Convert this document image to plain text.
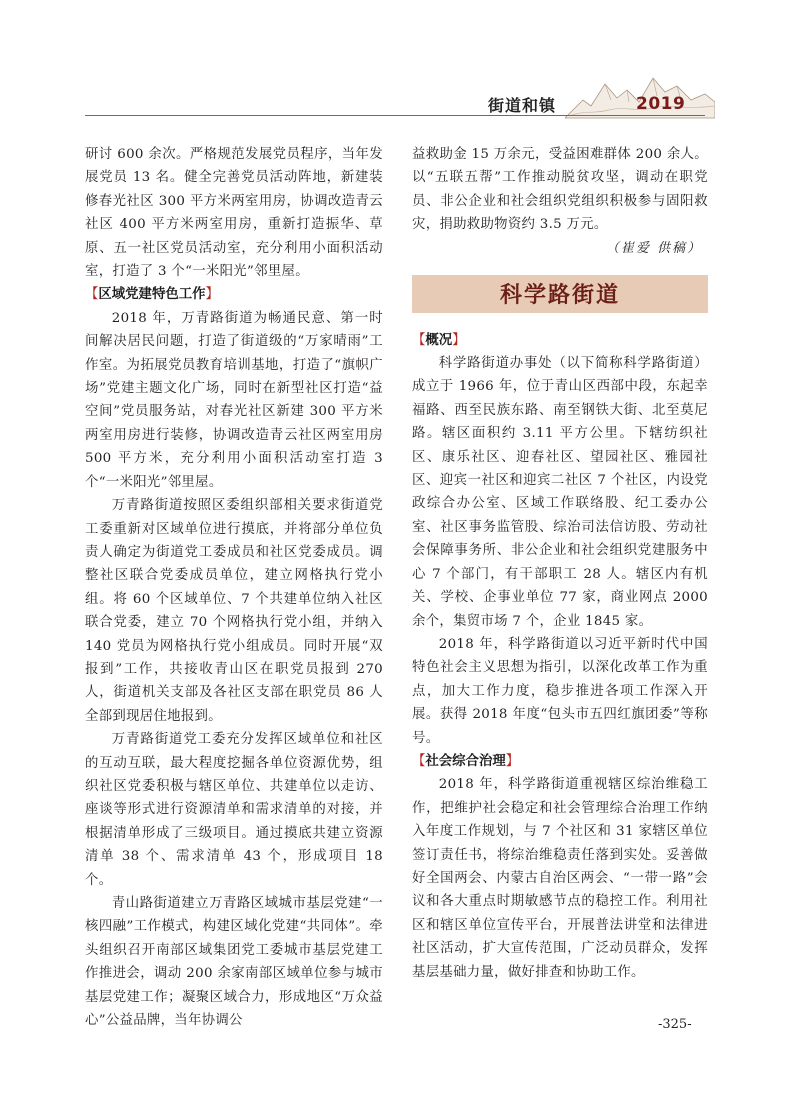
街道和镇	2019

研讨 600 余次。严格规范发展党员程序，当年发展党员 13 名。健全完善党员活动阵地，新建装修春光社区 300 平方米两室用房，协调改造青云社区 400 平方米两室用房，重新打造振华、草原、五一社区党员活动室，充分利用小面积活动室，打造了 3 个“一米阳光”邻里屋。

【区域党建特色工作】

2018 年，万青路街道为畅通民意、第一时间解决居民问题，打造了街道级的“万家晴雨”工作室。为拓展党员教育培训基地，打造了“旗帜广场”党建主题文化广场，同时在新型社区打造“益空间”党员服务站，对春光社区新建 300 平方米两室用房进行装修，协调改造青云社区两室用房 500 平方米，充分利用小面积活动室打造 3 个“一米阳光”邻里屋。

万青路街道按照区委组织部相关要求街道党工委重新对区域单位进行摸底，并将部分单位负责人确定为街道党工委成员和社区党委成员。调整社区联合党委成员单位，建立网格执行党小组。将 60 个区域单位、7 个共建单位纳入社区联合党委，建立 70 个网格执行党小组，并纳入 140 党员为网格执行党小组成员。同时开展“双报到”工作，共接收青山区在职党员报到 270 人，街道机关支部及各社区支部在职党员 86 人全部到现居住地报到。

万青路街道党工委充分发挥区域单位和社区的互动互联，最大程度挖掘各单位资源优势，组织社区党委积极与辖区单位、共建单位以走访、座谈等形式进行资源清单和需求清单的对接，并根据清单形成了三级项目。通过摸底共建立资源清单 38 个、需求清单 43 个，形成项目 18 个。

青山路街道建立万青路区域城市基层党建“一核四融”工作模式，构建区域化党建“共同体”。牵头组织召开南部区域集团党工委城市基层党建工作推进会，调动 200 余家南部区域单位参与城市基层党建工作；凝聚区域合力，形成地区“万众益心”公益品牌，当年协调公

益救助金 15 万余元，受益困难群体 200 余人。以“五联五帮”工作推动脱贫攻坚，调动在职党员、非公企业和社会组织党组织积极参与固阳救灾，捐助救助物资约 3.5 万元。

（崔爱 供稿）

科学路街道

【概况】

科学路街道办事处（以下简称科学路街道）成立于 1966 年，位于青山区西部中段，东起幸福路、西至民族东路、南至钢铁大街、北至莫尼路。辖区面积约 3.11 平方公里。下辖纺织社区、康乐社区、迎春社区、望园社区、雅园社区、迎宾一社区和迎宾二社区 7 个社区，内设党政综合办公室、区域工作联络股、纪工委办公室、社区事务监管股、综治司法信访股、劳动社会保障事务所、非公企业和社会组织党建服务中心 7 个部门，有干部职工 28 人。辖区内有机关、学校、企事业单位 77 家，商业网点 2000 余个，集贸市场 7 个，企业 1845 家。

2018 年，科学路街道以习近平新时代中国特色社会主义思想为指引，以深化改革工作为重点，加大工作力度，稳步推进各项工作深入开展。获得 2018 年度“包头市五四红旗团委”等称号。

【社会综合治理】

2018 年，科学路街道重视辖区综治维稳工作，把维护社会稳定和社会管理综合治理工作纳入年度工作规划，与 7 个社区和 31 家辖区单位签订责任书，将综治维稳责任落到实处。妥善做好全国两会、内蒙古自治区两会、“一带一路”会议和各大重点时期敏感节点的稳控工作。利用社区和辖区单位宣传平台，开展普法讲堂和法律进社区活动，扩大宣传范围，广泛动员群众，发挥基层基础力量，做好排查和协助工作。

-325-
